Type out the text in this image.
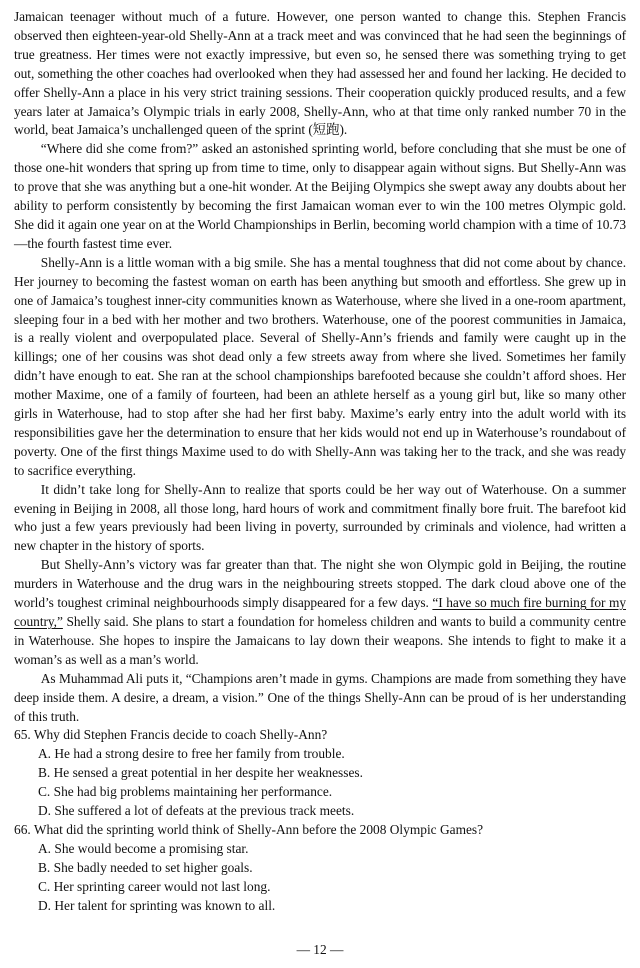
Jamaican teenager without much of a future. However, one person wanted to change this. Stephen Francis observed then eighteen-year-old Shelly-Ann at a track meet and was convinced that he had seen the beginnings of true greatness. Her times were not exactly impressive, but even so, he sensed there was something trying to get out, something the other coaches had overlooked when they had assessed her and found her lacking. He decided to offer Shelly-Ann a place in his very strict training sessions. Their cooperation quickly produced results, and a few years later at Jamaica’s Olympic trials in early 2008, Shelly-Ann, who at that time only ranked number 70 in the world, beat Jamaica’s unchallenged queen of the sprint (短跑).

“Where did she come from?” asked an astonished sprinting world, before concluding that she must be one of those one-hit wonders that spring up from time to time, only to disappear again without signs. But Shelly-Ann was to prove that she was anything but a one-hit wonder. At the Beijing Olympics she swept away any doubts about her ability to perform consistently by becoming the first Jamaican woman ever to win the 100 metres Olympic gold. She did it again one year on at the World Championships in Berlin, becoming world champion with a time of 10.73—the fourth fastest time ever.

Shelly-Ann is a little woman with a big smile. She has a mental toughness that did not come about by chance. Her journey to becoming the fastest woman on earth has been anything but smooth and effortless. She grew up in one of Jamaica’s toughest inner-city communities known as Waterhouse, where she lived in a one-room apartment, sleeping four in a bed with her mother and two brothers. Waterhouse, one of the poorest communities in Jamaica, is a really violent and overpopulated place. Several of Shelly-Ann’s friends and family were caught up in the killings; one of her cousins was shot dead only a few streets away from where she lived. Sometimes her family didn’t have enough to eat. She ran at the school championships barefooted because she couldn’t afford shoes. Her mother Maxime, one of a family of fourteen, had been an athlete herself as a young girl but, like so many other girls in Waterhouse, had to stop after she had her first baby. Maxime’s early entry into the adult world with its responsibilities gave her the determination to ensure that her kids would not end up in Waterhouse’s roundabout of poverty. One of the first things Maxime used to do with Shelly-Ann was taking her to the track, and she was ready to sacrifice everything.

It didn’t take long for Shelly-Ann to realize that sports could be her way out of Waterhouse. On a summer evening in Beijing in 2008, all those long, hard hours of work and commitment finally bore fruit. The barefoot kid who just a few years previously had been living in poverty, surrounded by criminals and violence, had written a new chapter in the history of sports.

But Shelly-Ann’s victory was far greater than that. The night she won Olympic gold in Beijing, the routine murders in Waterhouse and the drug wars in the neighbouring streets stopped. The dark cloud above one of the world’s toughest criminal neighbourhoods simply disappeared for a few days. “I have so much fire burning for my country,” Shelly said. She plans to start a foundation for homeless children and wants to build a community centre in Waterhouse. She hopes to inspire the Jamaicans to lay down their weapons. She intends to fight to make it a woman’s as well as a man’s world.

As Muhammad Ali puts it, “Champions aren’t made in gyms. Champions are made from something they have deep inside them. A desire, a dream, a vision.” One of the things Shelly-Ann can be proud of is her understanding of this truth.

65. Why did Stephen Francis decide to coach Shelly-Ann?

A. He had a strong desire to free her family from trouble.

B. He sensed a great potential in her despite her weaknesses.

C. She had big problems maintaining her performance.

D. She suffered a lot of defeats at the previous track meets.

66. What did the sprinting world think of Shelly-Ann before the 2008 Olympic Games?

A. She would become a promising star.

B. She badly needed to set higher goals.

C. Her sprinting career would not last long.

D. Her talent for sprinting was known to all.

— 12 —
